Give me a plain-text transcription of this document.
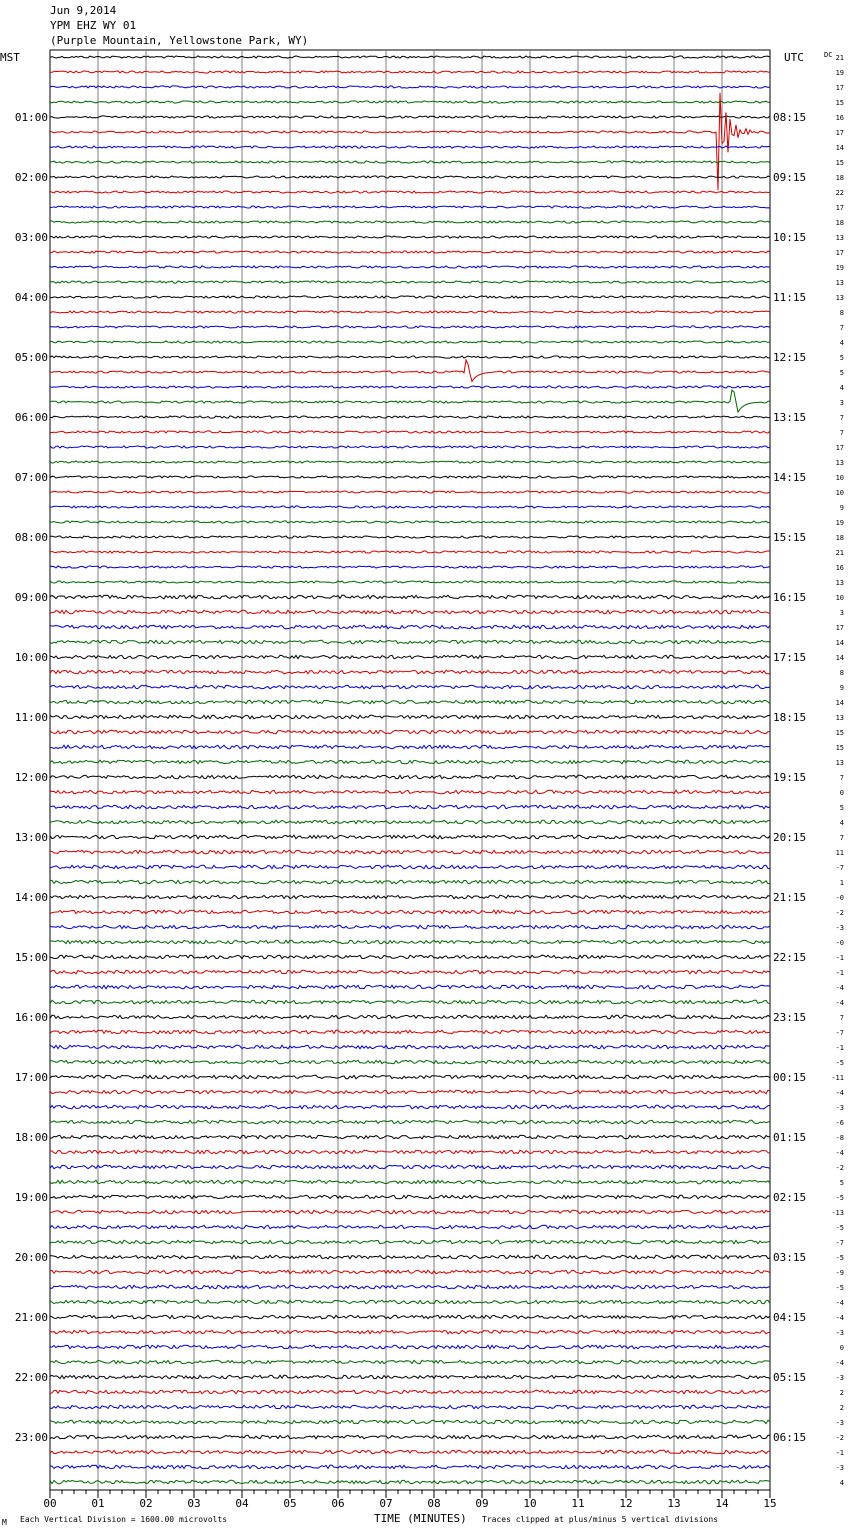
Jun 9,2014
YPM EHZ WY 01
(Purple Mountain, Yellowstone Park, WY)
21
19
17
15
16
17
14
15
18
22
17
18
13
17
19
13
13
8
7
4
5
5
4
3
7
7
17
13
10
10
9
19
18
21
16
13
10
3
17
14
14
8
9
14
13
15
15
13
7
0
5
4
7
11
-7
1
-0
-2
-3
-0
-1
-1
-4
-4
7
-7
-1
-5
-11
-4
-3
-6
-8
-4
-2
5
-5
-13
-5
-7
-5
-9
-5
-4
-4
-3
0
-4
-3
2
2
-3
-2
-1
-3
4
DC
MST	UTC
01:00
02:00
03:00
04:00
05:00
06:00
07:00
08:00
09:00
10:00
11:00
12:00
13:00
14:00
15:00
16:00
17:00
18:00
19:00
20:00
21:00
22:00
23:00
08:15
09:15
10:15
11:15
12:15
13:15
14:15
15:15
16:15
17:15
18:15
19:15
20:15
21:15
22:15
23:15
00:15
01:15
02:15
03:15
04:15
05:15
06:15
00	01	02	03	04	05	06	07	08	09	10	11	12	13	14	15
M Each Vertical Division = 1600.00 microvolts	TIME (MINUTES) Traces clipped at plus/minus 5 vertical divisions
